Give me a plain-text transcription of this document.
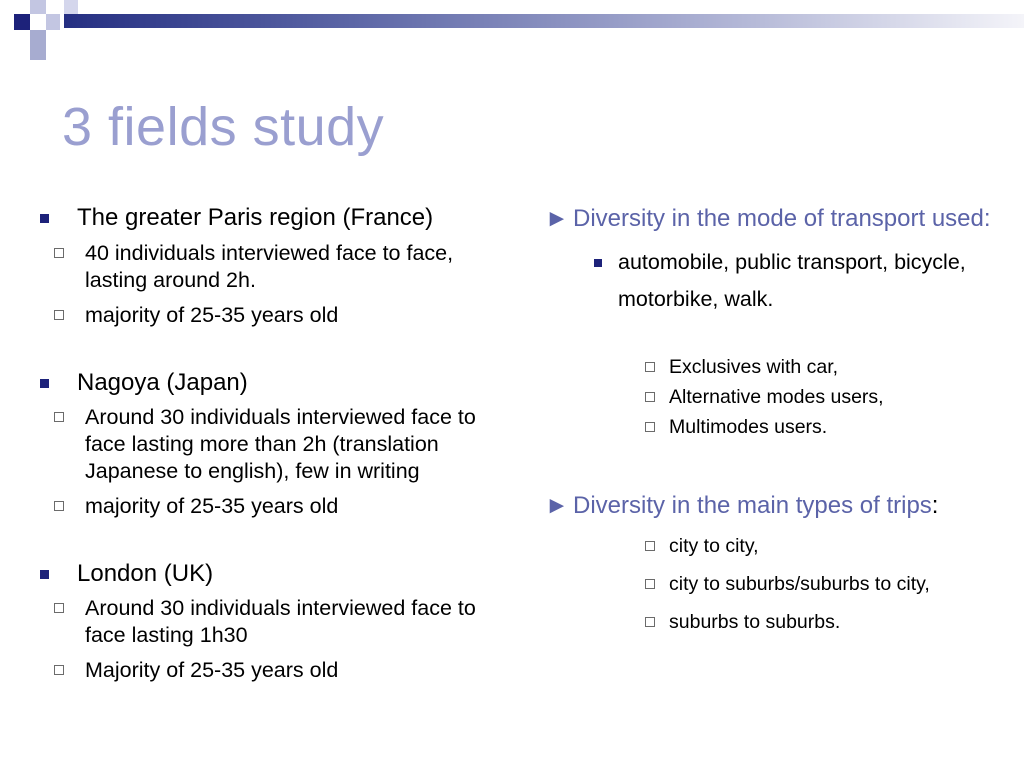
3 fields study
The greater Paris region (France)
40 individuals interviewed face to face, lasting around 2h.
majority of 25-35 years old
Nagoya (Japan)
Around 30 individuals interviewed face to face lasting more than 2h (translation Japanese to english), few in writing
majority of 25-35 years old
London (UK)
Around 30 individuals interviewed face to face lasting 1h30
Majority of 25-35 years old
► Diversity in the mode of transport used:
automobile, public transport, bicycle, motorbike, walk.
Exclusives with car,
Alternative modes users,
Multimodes users.
► Diversity in the main types of trips:
city to city,
city to suburbs/suburbs to city,
suburbs to suburbs.
